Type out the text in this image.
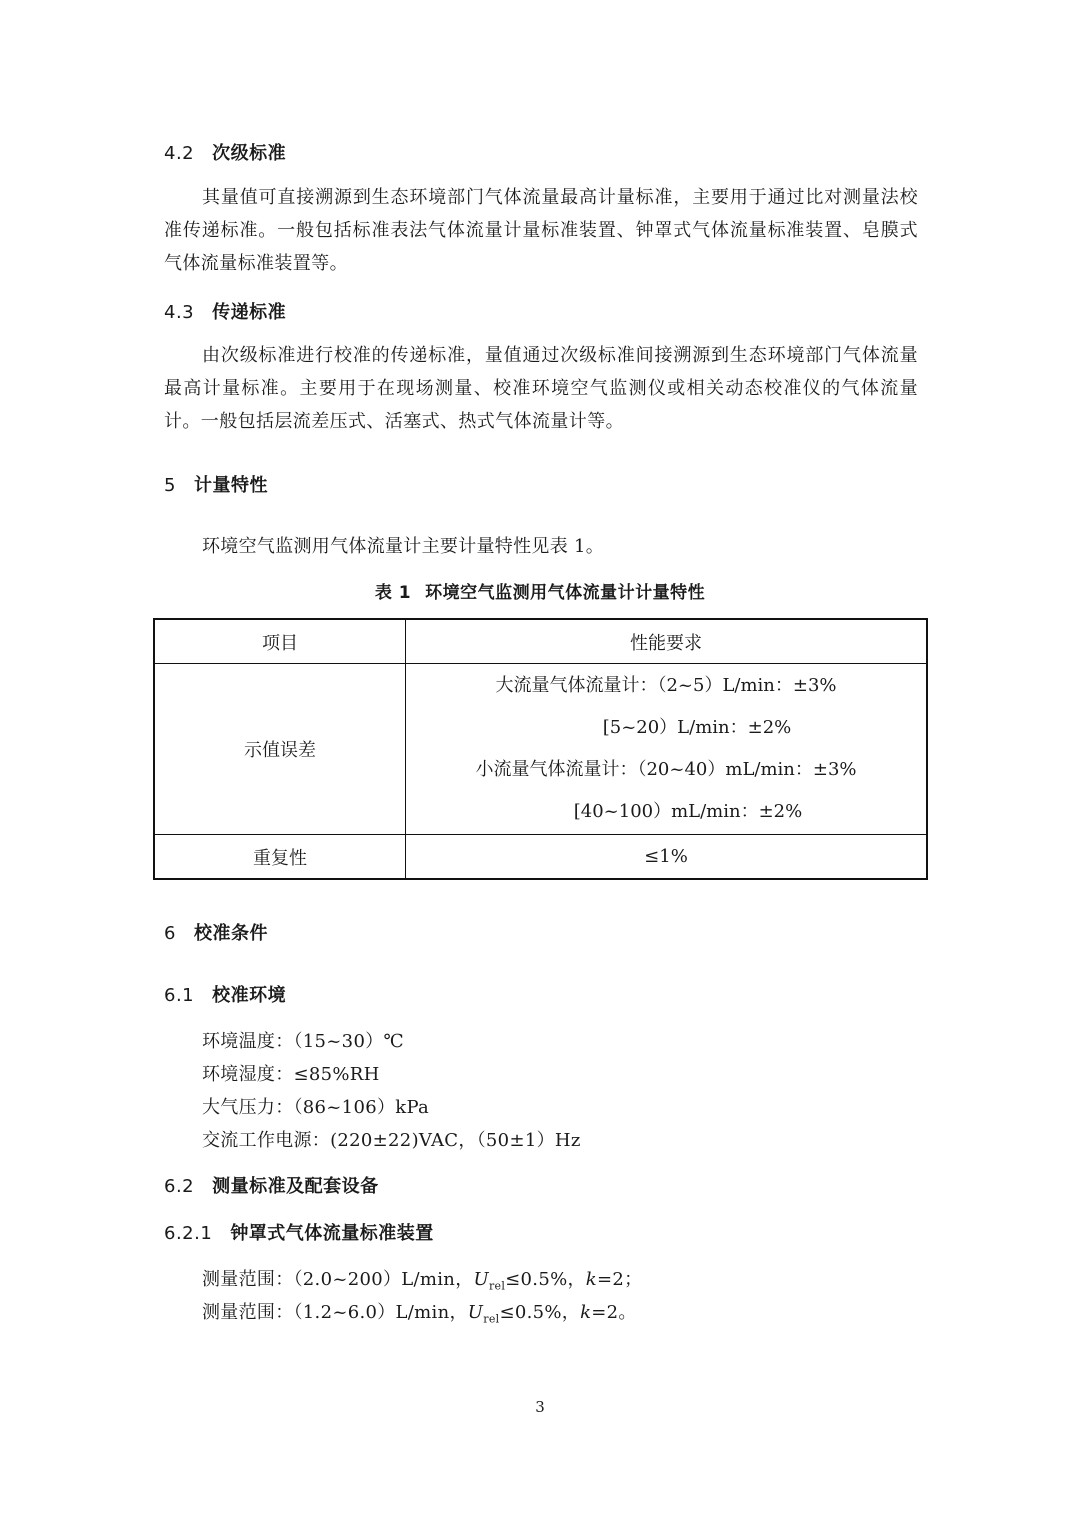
4.2 次级标准
其量值可直接溯源到生态环境部门气体流量最高计量标准，主要用于通过比对测量法校准传递标准。一般包括标准表法气体流量计量标准装置、钟罩式气体流量标准装置、皂膜式气体流量标准装置等。
4.3 传递标准
由次级标准进行校准的传递标准，量值通过次级标准间接溯源到生态环境部门气体流量最高计量标准。主要用于在现场测量、校准环境空气监测仪或相关动态校准仪的气体流量计。一般包括层流差压式、活塞式、热式气体流量计等。
5 计量特性
环境空气监测用气体流量计主要计量特性见表 1。
表 1 环境空气监测用气体流量计计量特性
项目	性能要求
示值误差	大流量气体流量计：（2~5）L/min：±3%
[5~20）L/min：±2%
小流量气体流量计：（20~40）mL/min：±3%
[40~100）mL/min：±2%

重复性	≤1%
6 校准条件
6.1 校准环境
环境温度：（15~30）℃
环境湿度：≤85%RH
大气压力：（86~106）kPa
交流工作电源：(220±22)VAC，（50±1）Hz
6.2 测量标准及配套设备
6.2.1 钟罩式气体流量标准装置
测量范围：（2.0~200）L/min，$U_{rel}\le 0.5\%$，k=2；
测量范围：（1.2~6.0）L/min，$U_{rel}\le 0.5\%$，k=2。
3
